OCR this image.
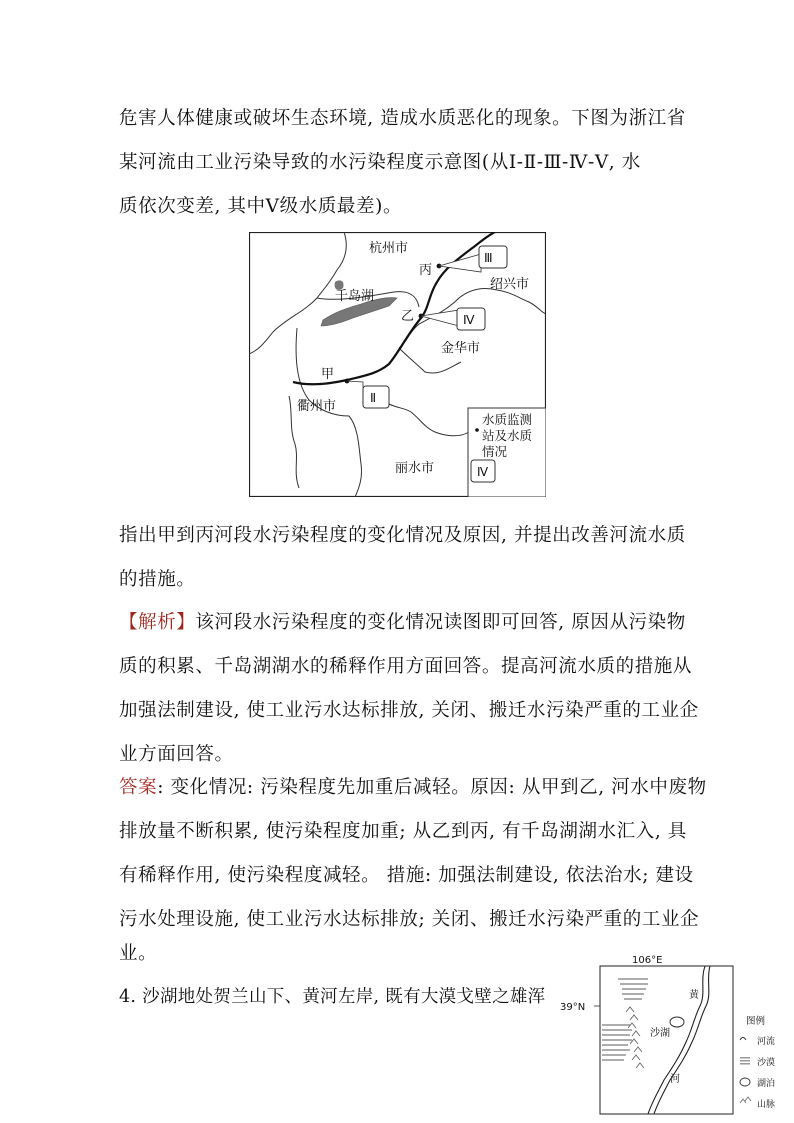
危害人体健康或破坏生态环境, 造成水质恶化的现象。下图为浙江省
某河流由工业污染导致的水污染程度示意图(从Ⅰ-Ⅱ-Ⅲ-Ⅳ-Ⅴ, 水
质依次变差, 其中Ⅴ级水质最差)。
水质监测
站及水质
情况
Ⅳ
Ⅱ
Ⅳ
Ⅲ
杭州市
丙
绍兴市
千岛湖
乙
金华市
甲
衢州市
丽水市
指出甲到丙河段水污染程度的变化情况及原因, 并提出改善河流水质
的措施。
【解析】该河段水污染程度的变化情况读图即可回答, 原因从污染物
质的积累、千岛湖湖水的稀释作用方面回答。提高河流水质的措施从
加强法制建设, 使工业污水达标排放, 关闭、搬迁水污染严重的工业企
业方面回答。
答案: 变化情况: 污染程度先加重后减轻。原因: 从甲到乙, 河水中废物
排放量不断积累, 使污染程度加重; 从乙到丙, 有千岛湖湖水汇入, 具
有稀释作用, 使污染程度减轻。 措施: 加强法制建设, 依法治水; 建设
污水处理设施, 使工业污水达标排放; 关闭、搬迁水污染严重的工业企
业。
4. 沙湖地处贺兰山下、黄河左岸, 既有大漠戈壁之雄浑
106°E
39°N
黄
河
沙湖
图例
河流
沙漠
湖泊
山脉
